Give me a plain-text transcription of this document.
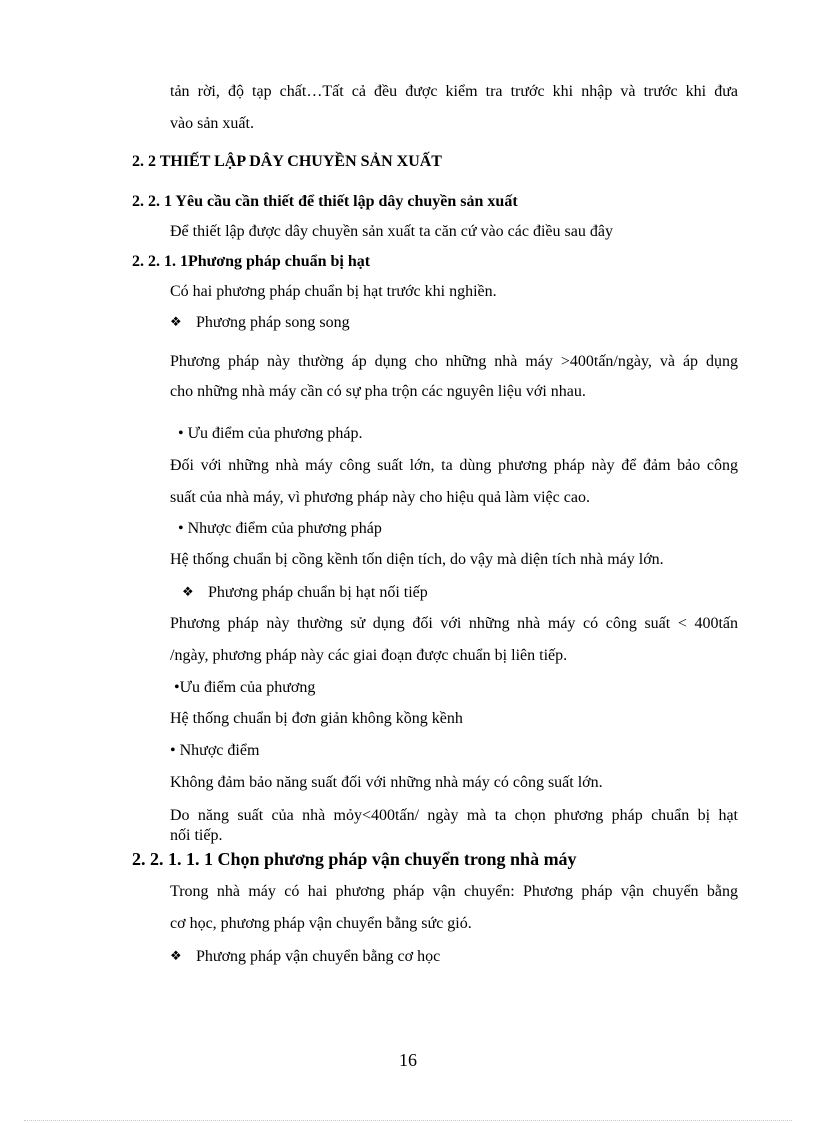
tản rời, độ tạp chất…Tất cả đều được kiểm tra trước khi nhập và trước khi đưa
vào sản xuất.
2. 2 THIẾT LẬP DÂY CHUYỀN SẢN XUẤT
2. 2. 1 Yêu cầu cần thiết để thiết lập dây chuyền sản xuất
Để thiết lập được dây chuyền sản xuất ta căn cứ vào các điều sau đây
2. 2. 1. 1Phương pháp chuẩn bị hạt
Có hai phương pháp chuẩn bị hạt trước khi nghiền.
❖ Phương pháp song song
Phương pháp này thường áp dụng cho những nhà máy >400tấn/ngày, và áp dụng
cho những nhà máy cần có sự pha trộn các nguyên liệu với nhau.
• Ưu điểm của phương pháp.
Đối với những nhà máy công suất lớn, ta dùng phương pháp này để đảm bảo công
suất của nhà máy, vì phương pháp này cho hiệu quả làm việc cao.
• Nhược điểm của phương pháp
Hệ thống chuẩn bị cồng kềnh tốn diện tích, do vậy mà diện tích nhà máy lớn.
❖ Phương pháp chuẩn bị hạt nối tiếp
Phương pháp này thường sử dụng đối với những nhà máy có công suất < 400tấn
/ngày, phương pháp này các giai đoạn được chuẩn bị liên tiếp.
•Ưu điểm của phương
Hệ thống chuẩn bị đơn giản không kồng kềnh
• Nhược điểm
Không đảm bảo năng suất đối với những nhà máy có công suất lớn.
Do năng suất của nhà mỏy<400tấn/ ngày mà ta chọn phương pháp chuẩn bị hạt
nối tiếp.
2. 2. 1. 1. 1 Chọn phương pháp vận chuyển trong nhà máy
Trong nhà máy có hai phương pháp vận chuyển: Phương pháp vận chuyển bằng
cơ học, phương pháp vận chuyển bằng sức gió.
❖ Phương pháp vận chuyển bằng cơ học
16
